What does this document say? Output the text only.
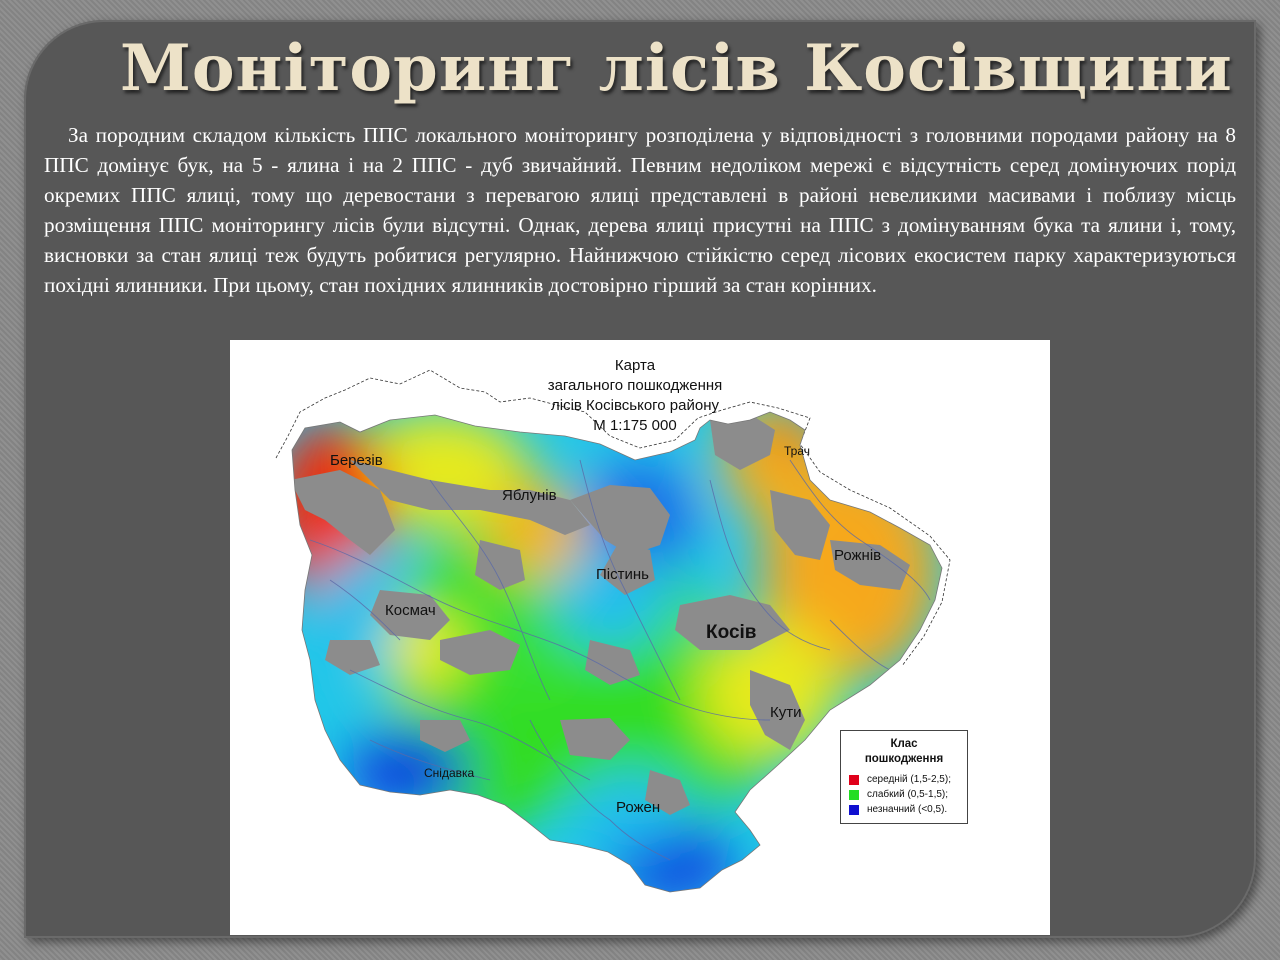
Моніторинг лісів Косівщини

За породним складом кількість ППС локального моніторингу розподілена у відповідності з головними породами району на 8 ППС домінує бук, на 5 - ялина і на 2 ППС - дуб звичайний. Певним недоліком мережі є відсутність серед домінуючих порід окремих ППС ялиці, тому що деревостани з перевагою ялиці представлені в районі невеликими масивами і поблизу місць розміщення ППС моніторингу лісів були відсутні. Однак, дерева ялиці присутні на ППС з домінуванням бука та ялини і, тому, висновки за стан ялиці теж будуть робитися регулярно. Найнижчою стійкістю серед лісових екосистем парку характеризуються похідні ялинники. При цьому, стан похідних ялинників достовірно гірший за стан корінних.

Карта
загального пошкодження
лісів Косівського району
М 1:175 000
Березів
Яблунів
Трач
Пістинь
Рожнів
Космач
Косів
Кути
Снідавка
Рожен
Клас
пошкодження
середній (1,5-2,5);
слабкий (0,5-1,5);
незначний (<0,5).
